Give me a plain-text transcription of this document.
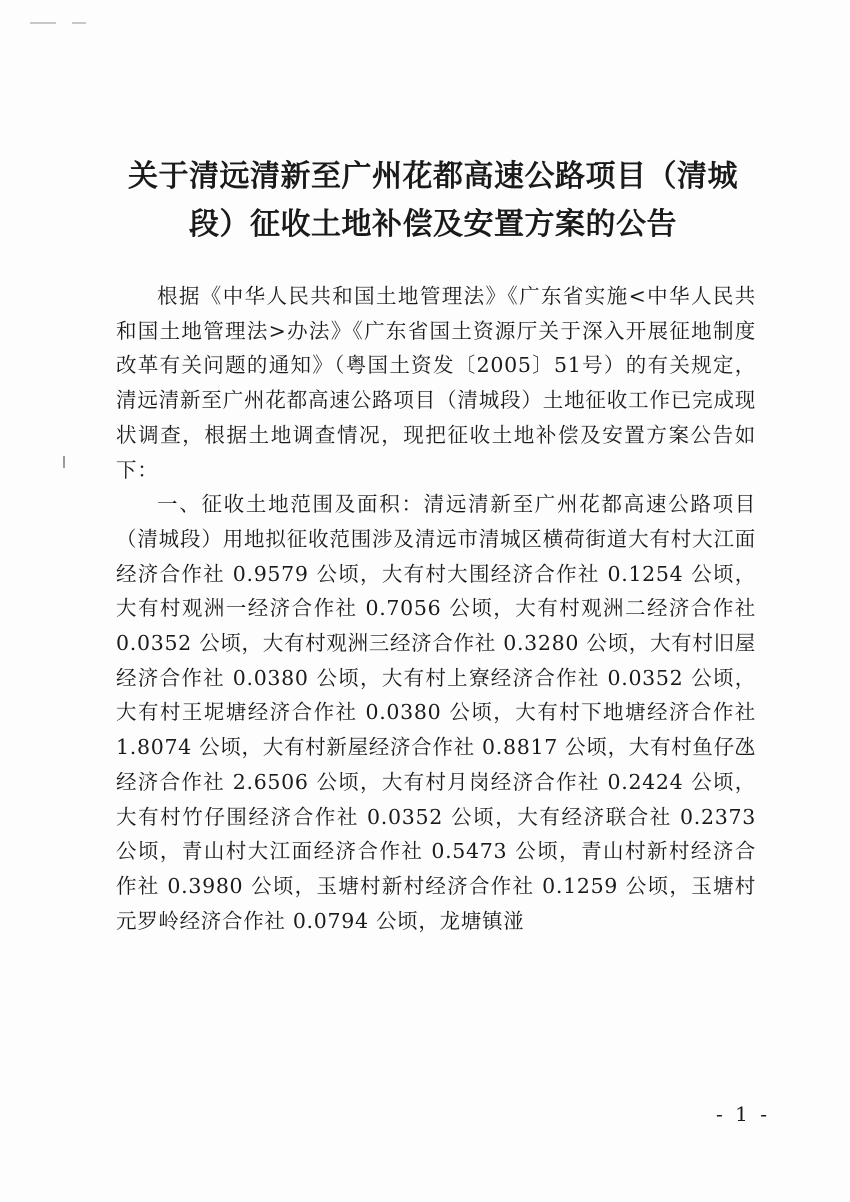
关于清远清新至广州花都高速公路项目（清城
段）征收土地补偿及安置方案的公告

根据《中华人民共和国土地管理法》《广东省实施<中华人民共和国土地管理法>办法》《广东省国土资源厅关于深入开展征地制度改革有关问题的通知》（粤国土资发〔2005〕51号）的有关规定，清远清新至广州花都高速公路项目（清城段）土地征收工作已完成现状调查，根据土地调查情况，现把征收土地补偿及安置方案公告如下：

一、征收土地范围及面积：清远清新至广州花都高速公路项目（清城段）用地拟征收范围涉及清远市清城区横荷街道大有村大江面经济合作社 0.9579 公顷，大有村大围经济合作社 0.1254 公顷，大有村观洲一经济合作社 0.7056 公顷，大有村观洲二经济合作社 0.0352 公顷，大有村观洲三经济合作社 0.3280 公顷，大有村旧屋经济合作社 0.0380 公顷，大有村上寮经济合作社 0.0352 公顷，大有村王坭塘经济合作社 0.0380 公顷，大有村下地塘经济合作社 1.8074 公顷，大有村新屋经济合作社 0.8817 公顷，大有村鱼仔氹经济合作社 2.6506 公顷，大有村月岗经济合作社 0.2424 公顷，大有村竹仔围经济合作社 0.0352 公顷，大有经济联合社 0.2373 公顷，青山村大江面经济合作社 0.5473 公顷，青山村新村经济合作社 0.3980 公顷，玉塘村新村经济合作社 0.1259 公顷，玉塘村元罗岭经济合作社 0.0794 公顷，龙塘镇湴

- 1 -
